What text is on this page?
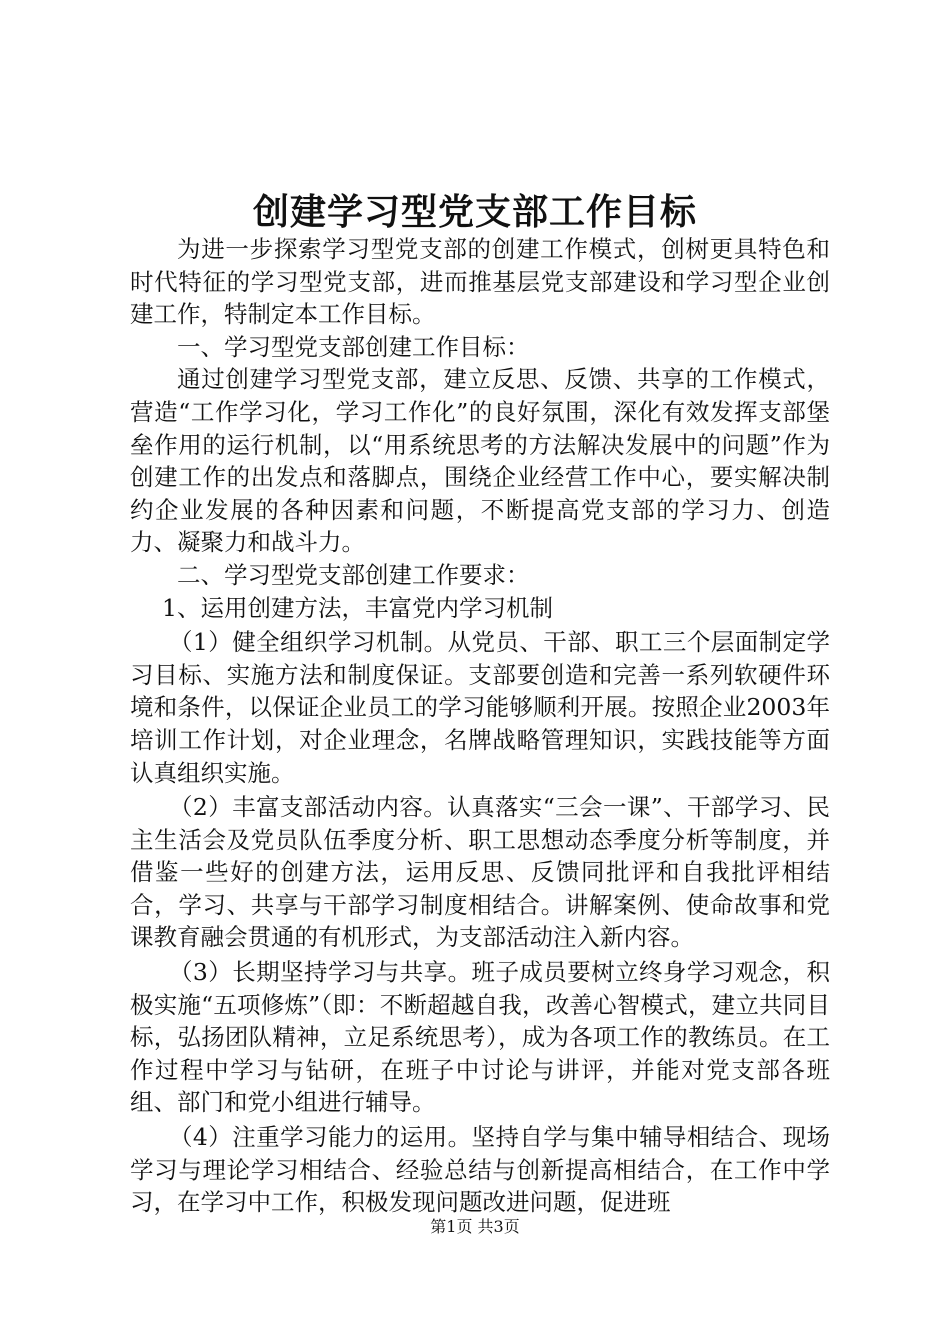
创建学习型党支部工作目标

为进一步探索学习型党支部的创建工作模式，创树更具特色和时代特征的学习型党支部，进而推基层党支部建设和学习型企业创建工作，特制定本工作目标。

一、学习型党支部创建工作目标：

通过创建学习型党支部，建立反思、反馈、共享的工作模式，营造“工作学习化，学习工作化”的良好氛围，深化有效发挥支部堡垒作用的运行机制，以“用系统思考的方法解决发展中的问题”作为创建工作的出发点和落脚点，围绕企业经营工作中心，要实解决制约企业发展的各种因素和问题，不断提高党支部的学习力、创造力、凝聚力和战斗力。

二、学习型党支部创建工作要求：

1、运用创建方法，丰富党内学习机制

（1）健全组织学习机制。从党员、干部、职工三个层面制定学习目标、实施方法和制度保证。支部要创造和完善一系列软硬件环境和条件，以保证企业员工的学习能够顺利开展。按照企业2003年培训工作计划，对企业理念，名牌战略管理知识，实践技能等方面认真组织实施。

（2）丰富支部活动内容。认真落实“三会一课”、干部学习、民主生活会及党员队伍季度分析、职工思想动态季度分析等制度，并借鉴一些好的创建方法，运用反思、反馈同批评和自我批评相结合，学习、共享与干部学习制度相结合。讲解案例、使命故事和党课教育融会贯通的有机形式，为支部活动注入新内容。

（3）长期坚持学习与共享。班子成员要树立终身学习观念，积极实施“五项修炼”（即：不断超越自我，改善心智模式，建立共同目标，弘扬团队精神，立足系统思考），成为各项工作的教练员。在工作过程中学习与钻研，在班子中讨论与讲评，并能对党支部各班组、部门和党小组进行辅导。

（4）注重学习能力的运用。坚持自学与集中辅导相结合、现场学习与理论学习相结合、经验总结与创新提高相结合，在工作中学习，在学习中工作，积极发现问题改进问题，促进班

第1页 共3页
